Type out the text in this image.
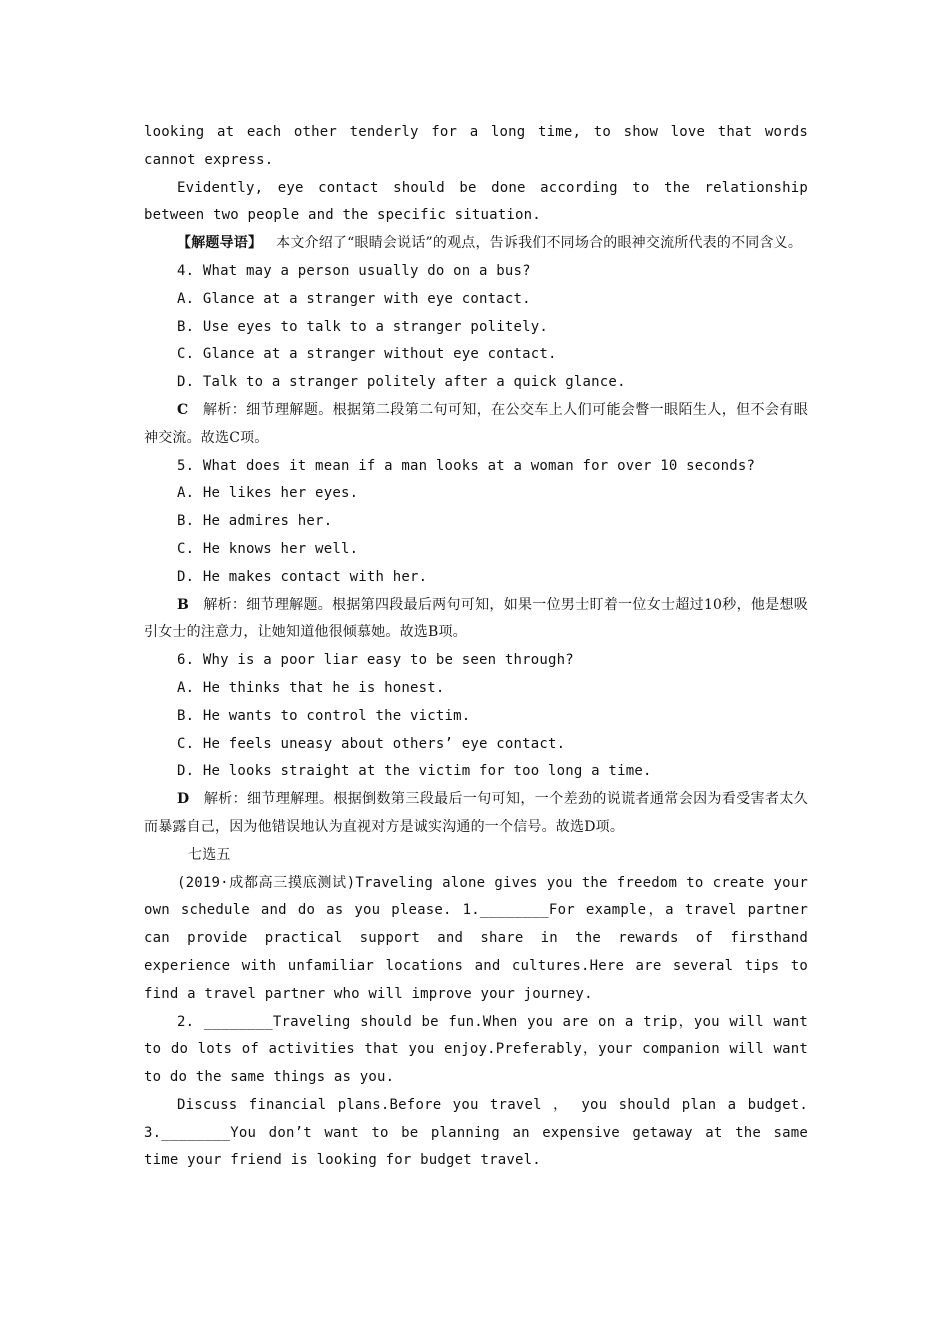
looking at each other tenderly for a long time, to show love that words cannot express.

Evidently, eye contact should be done according to the relationship between two people and the specific situation.

【解题导语】 本文介绍了“眼睛会说话”的观点，告诉我们不同场合的眼神交流所代表的不同含义。

4. What may a person usually do on a bus?

A. Glance at a stranger with eye contact.

B. Use eyes to talk to a stranger politely.

C. Glance at a stranger without eye contact.

D. Talk to a stranger politely after a quick glance.

C 解析：细节理解题。根据第二段第二句可知，在公交车上人们可能会瞥一眼陌生人，但不会有眼神交流。故选C项。

5. What does it mean if a man looks at a woman for over 10 seconds?

A. He likes her eyes.

B. He admires her.

C. He knows her well.

D. He makes contact with her.

B 解析：细节理解题。根据第四段最后两句可知，如果一位男士盯着一位女士超过10秒，他是想吸引女士的注意力，让她知道他很倾慕她。故选B项。

6. Why is a poor liar easy to be seen through?

A. He thinks that he is honest.

B. He wants to control the victim.

C. He feels uneasy about others’ eye contact.

D. He looks straight at the victim for too long a time.

D 解析：细节理解理。根据倒数第三段最后一句可知，一个差劲的说谎者通常会因为看受害者太久而暴露自己，因为他错误地认为直视对方是诚实沟通的一个信号。故选D项。

七选五

(2019·成都高三摸底测试)Traveling alone gives you the freedom to create your own schedule and do as you please. 1.________For example，a travel partner can provide practical support and share in the rewards of firsthand experience with unfamiliar locations and cultures.Here are several tips to find a travel partner who will improve your journey.

2. ________Traveling should be fun.When you are on a trip，you will want to do lots of activities that you enjoy.Preferably，your companion will want to do the same things as you.

Discuss financial plans.Before you travel ， you should plan a budget. 3.________You don’t want to be planning an expensive getaway at the same time your friend is looking for budget travel.
